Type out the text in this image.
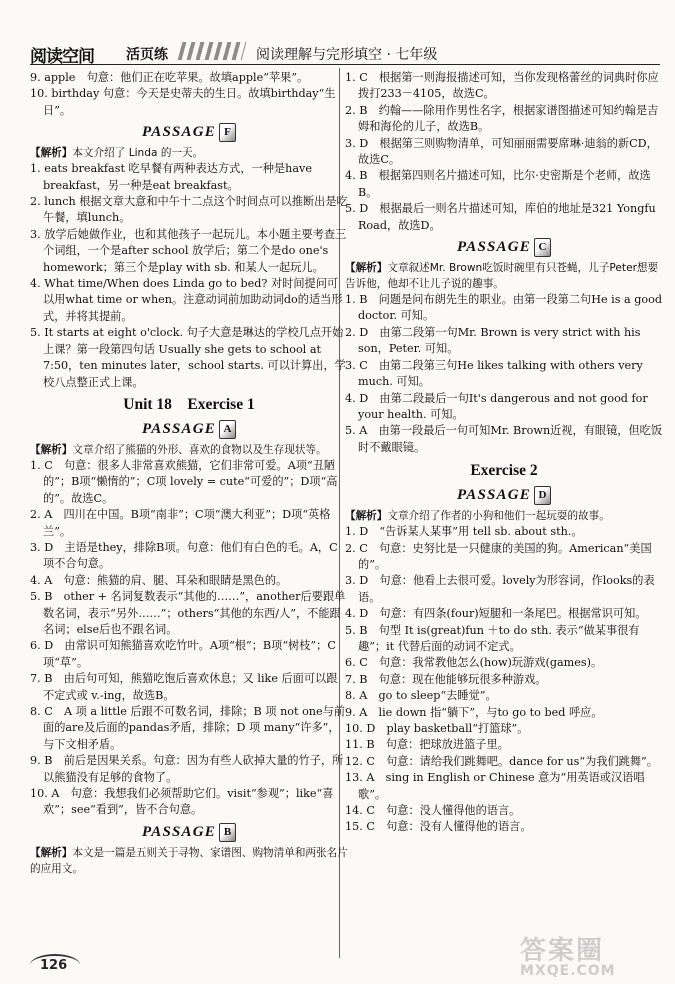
阅读空间 活页练	阅读理解与完形填空 · 七年级

9. apple　句意：他们正在吃苹果。故填apple“苹果”。

10. birthday 句意：今天是史蒂夫的生日。故填birthday“生日”。

PASSAGE F

【解析】本文介绍了 Linda 的一天。

1. eats breakfast 吃早餐有两种表达方式，一种是have breakfast，另一种是eat breakfast。

2. lunch 根据文章大意和中午十二点这个时间点可以推断出是吃午餐，填lunch。

3. 放学后她做作业，也和其他孩子一起玩儿。本小题主要考查三个词组，一个是after school 放学后；第二个是do one's homework；第三个是play with sb. 和某人一起玩儿。

4. What time/When does Linda go to bed? 对时间提问可以用what time or when。注意动词前加助动词do的适当形式，并将其提前。

5. It starts at eight o'clock. 句子大意是琳达的学校几点开始上课？第一段第四句话 Usually she gets to school at 7:50，ten minutes later，school starts. 可以计算出，学校八点整正式上课。

Unit 18　Exercise 1
PASSAGE A

【解析】文章介绍了熊猫的外形、喜欢的食物以及生存现状等。

1. C　句意：很多人非常喜欢熊猫，它们非常可爱。A项“丑陋的”；B项“懒惰的”；C项 lovely = cute“可爱的”；D项“高的”。故选C。

2. A　四川在中国。B项“南非”；C项“澳大利亚”；D项“英格兰”。

3. D　主语是they，排除B项。句意：他们有白色的毛。A，C项不合句意。

4. A　句意：熊猫的肩、腿、耳朵和眼睛是黑色的。

5. B　other + 名词复数表示“其他的……”，another后要跟单数名词，表示“另外……”；others“其他的东西/人”，不能跟名词；else后也不跟名词。

6. D　由常识可知熊猫喜欢吃竹叶。A项“根”；B项“树枝”；C项“草”。

7. B　由后句可知，熊猫吃饱后喜欢休息；又 like 后面可以跟不定式或 v.-ing，故选B。

8. C　A 项 a little 后跟不可数名词，排除；B 项 not one与前面的are及后面的pandas矛盾，排除；D 项 many“许多”，与下文相矛盾。

9. B　前后是因果关系。句意：因为有些人砍掉大量的竹子，所以熊猫没有足够的食物了。

10. A　句意：我想我们必须帮助它们。visit“参观”；like“喜欢”；see“看到”，皆不合句意。

PASSAGE B

【解析】本文是一篇是五则关于寻物、家谱图、购物清单和两张名片的应用文。

1. C　根据第一则海报描述可知，当你发现格蕾丝的词典时你应拨打233－4105，故选C。

2. B　约翰——除用作男性名字，根据家谱图描述可知约翰是吉姆和海伦的儿子，故选B。

3. D　根据第三则购物清单，可知丽丽需要席琳·迪翁的新CD，故选C。

4. B　根据第四则名片描述可知，比尔·史密斯是个老师，故选B。

5. D　根据最后一则名片描述可知，库伯的地址是321 Yongfu Road，故选D。

PASSAGE C

【解析】文章叙述Mr. Brown吃饭时碗里有只苍蝇，儿子Peter想要告诉他，他却不让儿子说的趣事。

1. B　问题是问布朗先生的职业。由第一段第二句He is a good doctor. 可知。

2. D　由第二段第一句Mr. Brown is very strict with his son，Peter. 可知。

3. C　由第二段第三句He likes talking with others very much. 可知。

4. D　由第二段最后一句It's dangerous and not good for your health. 可知。

5. A　由第一段最后一句可知Mr. Brown近视，有眼镜，但吃饭时不戴眼镜。

Exercise 2
PASSAGE D

【解析】文章介绍了作者的小狗和他们一起玩耍的故事。

1. D　“告诉某人某事”用 tell sb. about sth.。

2. C　句意：史努比是一只健康的美国的狗。American“美国的”。

3. D　句意：他看上去很可爱。lovely为形容词，作looks的表语。

4. D　句意：有四条(four)短腿和一条尾巴。根据常识可知。

5. B　句型 It is(great)fun ＋to do sth. 表示“做某事很有趣”；it 代替后面的动词不定式。

6. C　句意：我常教他怎么(how)玩游戏(games)。

7. B　句意：现在他能够玩很多种游戏。

8. A　go to sleep“去睡觉”。

9. A　lie down 指“躺下”，与to go to bed 呼应。

10. D　play basketball“打篮球”。

11. B　句意：把球放进篮子里。

12. C　句意：请给我们跳舞吧。dance for us“为我们跳舞”。

13. A　sing in English or Chinese 意为“用英语或汉语唱歌”。

14. C　句意：没人懂得他的语言。

15. C　句意：没有人懂得他的语言。

126	答案圈
MXQE.COM
